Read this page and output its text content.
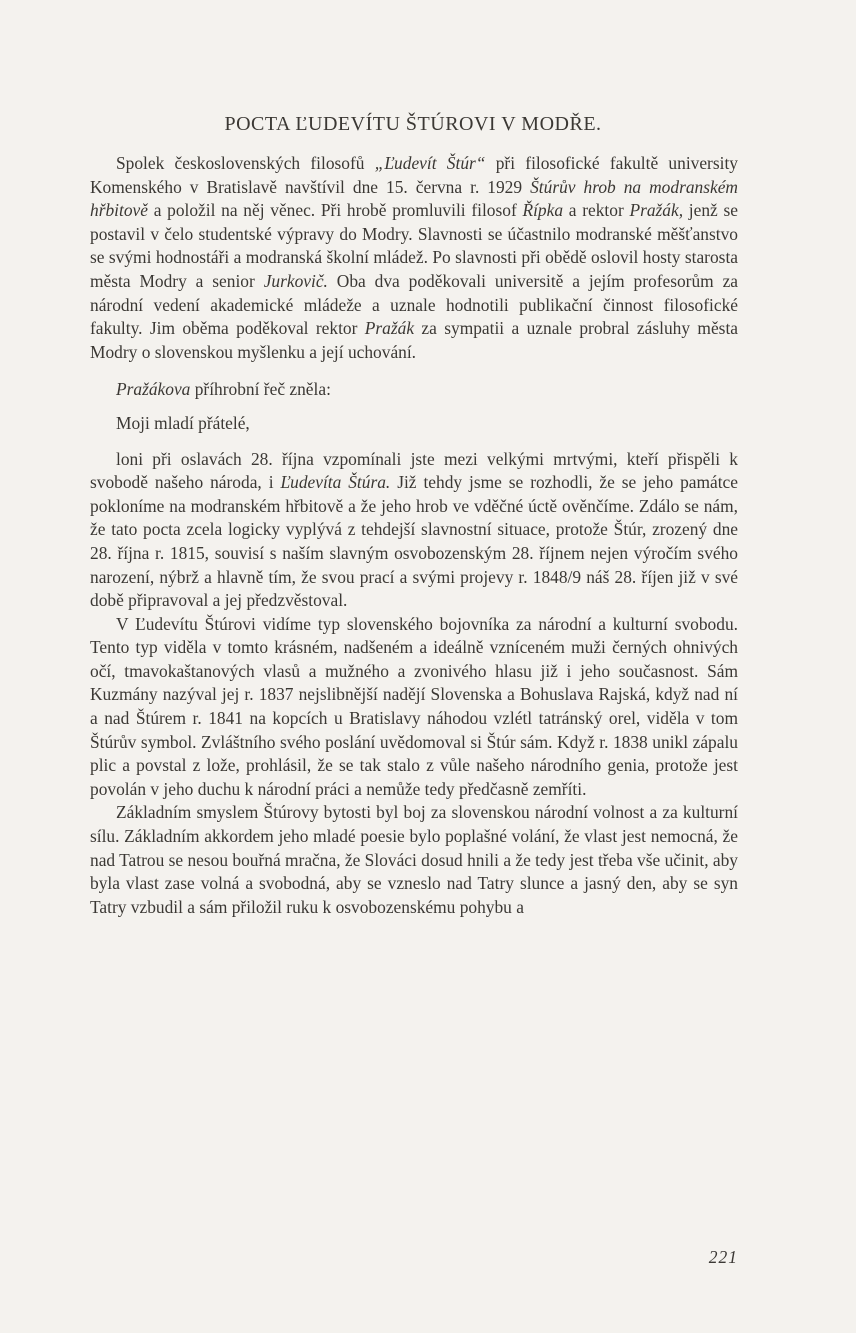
POCTA ĽUDEVÍTU ŠTÚROVI V MODŘE.

Spolek československých filosofů „Ľudevít Štúr“ při filosofické fakultě university Komenského v Bratislavě navštívil dne 15. června r. 1929 Štúrův hrob na modranském hřbitově a položil na něj věnec. Při hrobě promluvili filosof Řípka a rektor Pražák, jenž se postavil v čelo studentské výpravy do Modry. Slavnosti se účastnilo modranské měšťanstvo se svými hodnostáři a modranská školní mládež. Po slavnosti při obědě oslovil hosty starosta města Modry a senior Jurkovič. Oba dva poděkovali universitě a jejím profesorům za národní vedení akademické mládeže a uznale hodnotili publikační činnost filosofické fakulty. Jim oběma poděkoval rektor Pražák za sympatii a uznale probral zásluhy města Modry o slovenskou myšlenku a její uchování.

Pražákova příhrobní řeč zněla:

Moji mladí přátelé,

loni při oslavách 28. října vzpomínali jste mezi velkými mrtvými, kteří přispěli k svobodě našeho národa, i Ľudevíta Štúra. Již tehdy jsme se rozhodli, že se jeho památce pokloníme na modranském hřbitově a že jeho hrob ve vděčné úctě ověnčíme. Zdálo se nám, že tato pocta zcela logicky vyplývá z tehdejší slavnostní situace, protože Štúr, zrozený dne 28. října r. 1815, souvisí s naším slavným osvobozenským 28. říjnem nejen výročím svého narození, nýbrž a hlavně tím, že svou prací a svými projevy r. 1848/9 náš 28. říjen již v své době připravoval a jej předzvěstoval.

V Ľudevítu Štúrovi vidíme typ slovenského bojovníka za národní a kulturní svobodu. Tento typ viděla v tomto krásném, nadšeném a ideálně vzníceném muži černých ohnivých očí, tmavokaštanových vlasů a mužného a zvonivého hlasu již i jeho současnost. Sám Kuzmány nazýval jej r. 1837 nejslibnější nadějí Slovenska a Bohuslava Rajská, když nad ní a nad Štúrem r. 1841 na kopcích u Bratislavy náhodou vzlétl tatránský orel, viděla v tom Štúrův symbol. Zvláštního svého poslání uvědomoval si Štúr sám. Když r. 1838 unikl zápalu plic a povstal z lože, prohlásil, že se tak stalo z vůle našeho národního genia, protože jest povolán v jeho duchu k národní práci a nemůže tedy předčasně zemříti.

Základním smyslem Štúrovy bytosti byl boj za slovenskou národní volnost a za kulturní sílu. Základním akkordem jeho mladé poesie bylo poplašné volání, že vlast jest nemocná, že nad Tatrou se nesou bouřná mračna, že Slováci dosud hnili a že tedy jest třeba vše učinit, aby byla vlast zase volná a svobodná, aby se vzneslo nad Tatry slunce a jasný den, aby se syn Tatry vzbudil a sám přiložil ruku k osvobozenskému pohybu a

221
